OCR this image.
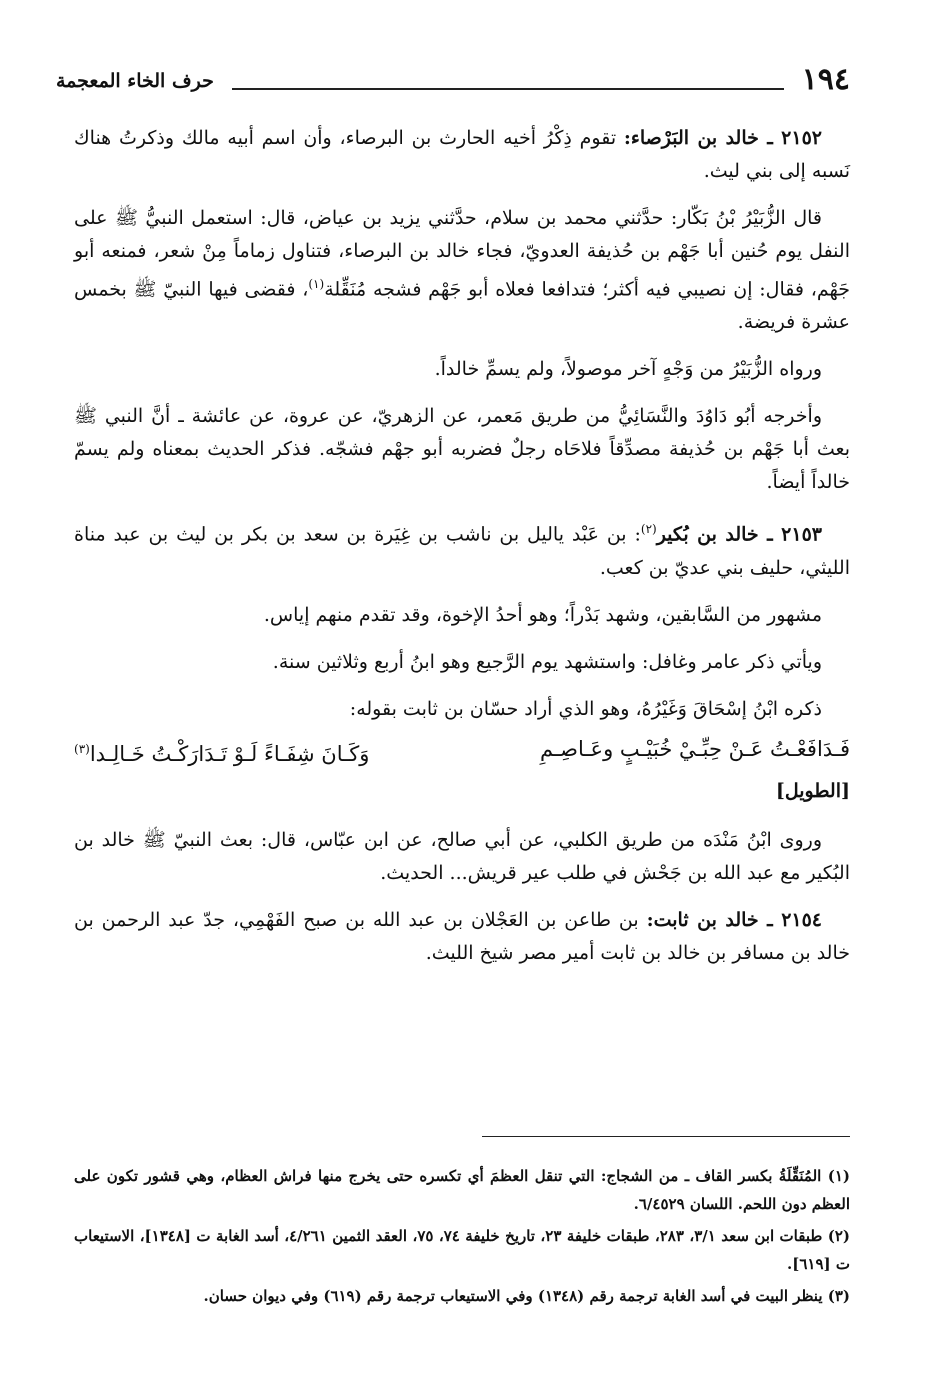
١٩٤
حرف الخاء المعجمة

٢١٥٢ ـ خالد بن البَرْصاء: تقوم ذِكْرُ أخيه الحارث بن البرصاء، وأن اسم أبيه مالك وذكرتُ هناك نَسبه إلى بني ليث.

قال الزُّبَيْرُ بْنُ بَكّار: حدَّثني محمد بن سلام، حدَّثني يزيد بن عياض، قال: استعمل النبيُّ ﷺ على النفل يوم حُنين أبا جَهْم بن حُذيفة العدويّ، فجاء خالد بن البرصاء، فتناول زماماً مِنْ شعر، فمنعه أبو جَهْم، فقال: إن نصيبي فيه أكثر؛ فتدافعا فعلاه أبو جَهْم فشجه مُنَقِّلة$^{(١)}$، فقضى فيها النبيّ ﷺ بخمس عشرة فريضة.

ورواه الزُّبَيْرُ من وَجْهٍ آخر موصولاً، ولم يسمِّ خالداً.

وأخرجه أبُو دَاوُدَ والنَّسَائِيُّ من طريق مَعمر، عن الزهريّ، عن عروة، عن عائشة ـ أنَّ النبي ﷺ بعث أبا جَهْم بن حُذيفة مصدِّقاً فلاحَاه رجلٌ فضربه أبو جهْم فشجّه. فذكر الحديث بمعناه ولم يسمّ خالداً أيضاً.

٢١٥٣ ـ خالد بن بُكير$^{(٢)}$: بن عَبْد ياليل بن ناشب بن غِيَرة بن سعد بن بكر بن ليث بن عبد مناة الليثي، حليف بني عديّ بن كعب.

مشهور من السَّابقين، وشهد بَدْراً؛ وهو أحدُ الإخوة، وقد تقدم منهم إياس.

ويأتي ذكر عامر وغافل: واستشهد يوم الرَّجيع وهو ابنُ أربع وثلاثين سنة.

ذكره ابْنُ إسْحَاقَ وَغَيْرُهُ، وهو الذي أراد حسّان بن ثابت بقوله:

فَـدَافَعْـتُ عَـنْ حِبِّـيْ خُبَيْـبٍ وعَـاصِـمِ
وَكَـانَ شِفَـاءً لَـوْ تَـدَارَكْـتُ خَـالِـدا(٣)
[الطويل]

وروى ابْنُ مَنْدَه من طريق الكلبي، عن أبي صالح، عن ابن عبّاس، قال: بعث النبيّ ﷺ خالد بن البُكير مع عبد الله بن جَحْش في طلب عير قريش... الحديث.

٢١٥٤ ـ خالد بن ثابت: بن طاعن بن العَجْلان بن عبد الله بن صبح الفَهْمِي، جدّ عبد الرحمن بن خالد بن مسافر بن خالد بن ثابت أمير مصر شيخ الليث.

(١) المُنَقِّلَةُ بكسر القاف ـ من الشجاج: التي تنقل العظمَ أي تكسره حتى يخرج منها فراش العظام، وهي قشور تكون على العظم دون اللحم. اللسان ٦/٤٥٢٩.

(٢) طبقات ابن سعد ٣/١، ٢٨٣، طبقات خليفة ٢٣، تاريخ خليفة ٧٤، ٧٥، العقد الثمين ٤/٢٦١، أسد الغابة ت [١٣٤٨]، الاستيعاب ت [٦١٩].

(٣) ينظر البيت في أسد الغابة ترجمة رقم (١٣٤٨) وفي الاستيعاب ترجمة رقم (٦١٩) وفي ديوان حسان.
